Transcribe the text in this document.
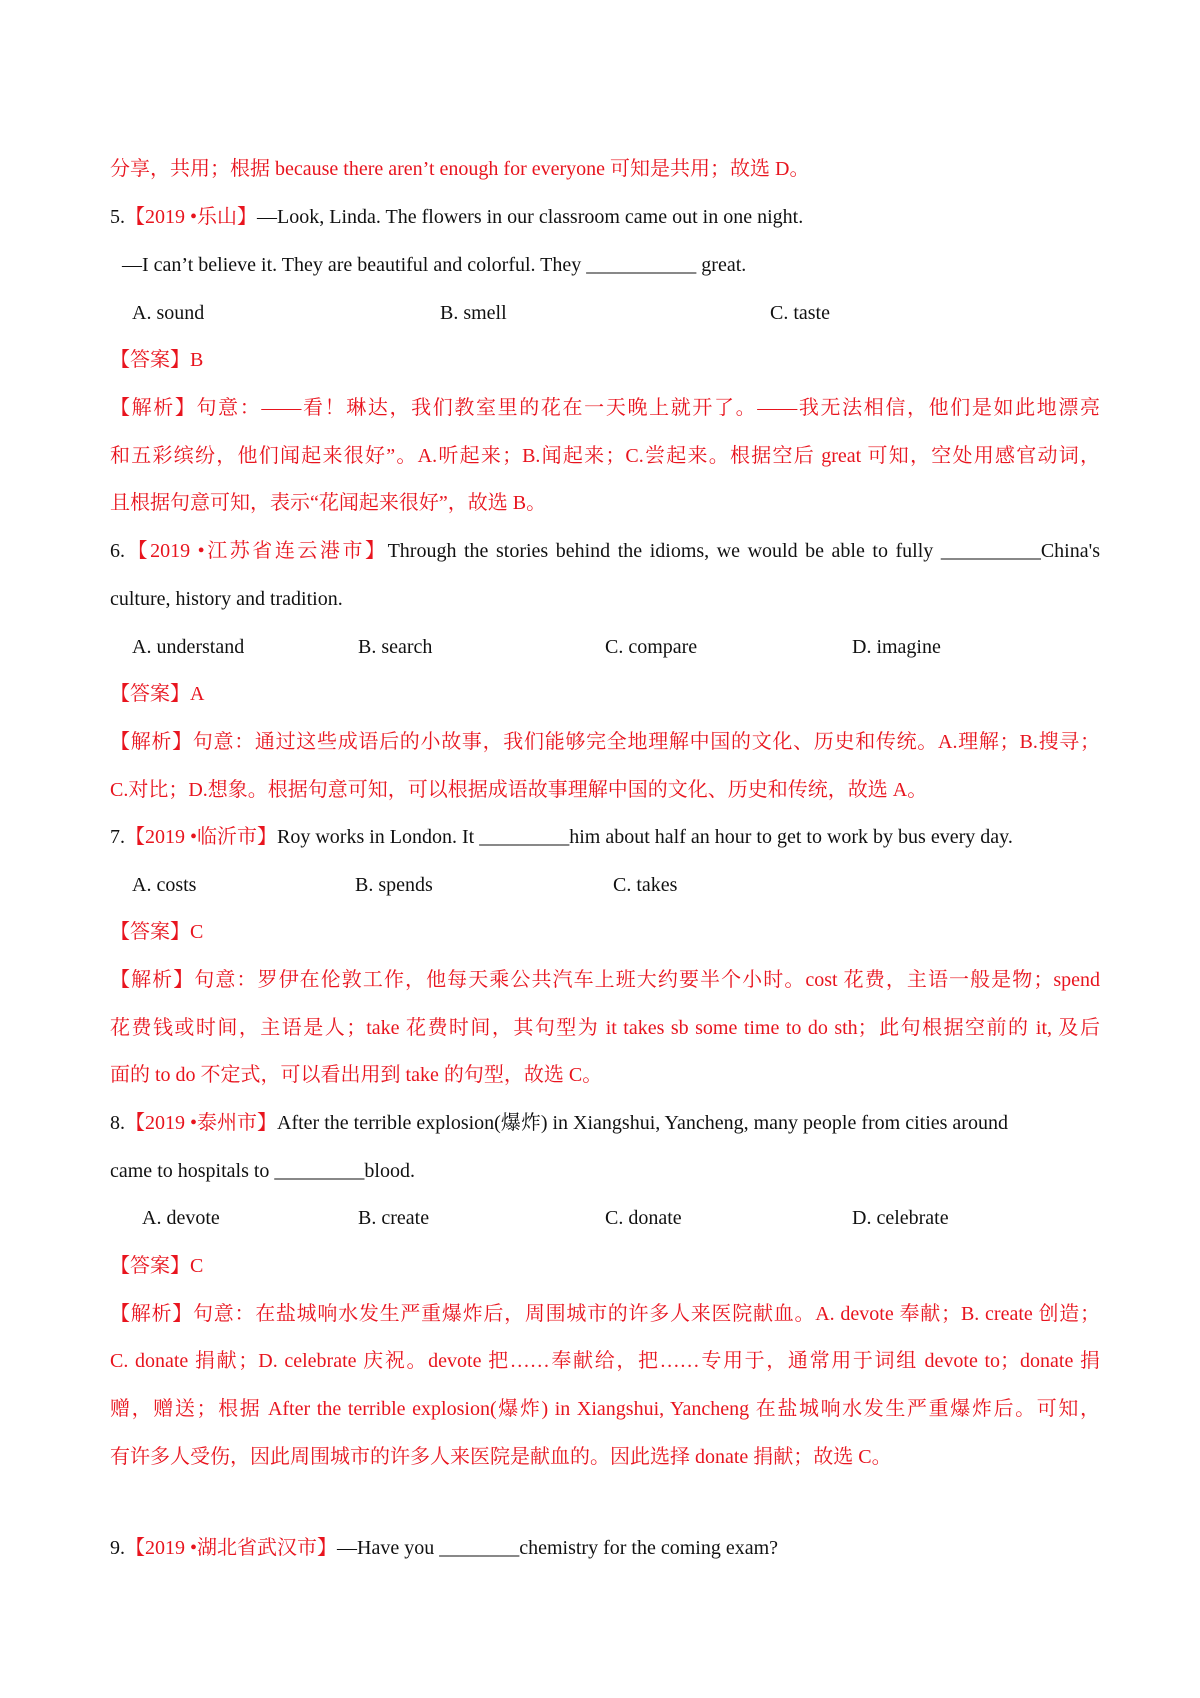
分享，共用；根据 because there aren’t enough for everyone 可知是共用；故选 D。
5.【2019 •乐山】—Look, Linda. The flowers in our classroom came out in one night.
—I can’t believe it. They are beautiful and colorful. They ___________ great.
A. sound	B. smell	C. taste
【答案】B
【解析】句意：——看！琳达，我们教室里的花在一天晚上就开了。——我无法相信，他们是如此地漂亮
和五彩缤纷，他们闻起来很好”。A.听起来；B.闻起来；C.尝起来。根据空后 great 可知，空处用感官动词，
且根据句意可知，表示“花闻起来很好”，故选 B。
6.【2019 •江苏省连云港市】Through the stories behind the idioms, we would be able to fully __________China's
culture, history and tradition.
A. understand	B. search	C. compare	D. imagine
【答案】A
【解析】句意：通过这些成语后的小故事，我们能够完全地理解中国的文化、历史和传统。A.理解；B.搜寻；
C.对比；D.想象。根据句意可知，可以根据成语故事理解中国的文化、历史和传统，故选 A。
7.【2019 •临沂市】Roy works in London. It _________him about half an hour to get to work by bus every day.
A. costs	B. spends	C. takes
【答案】C
【解析】句意：罗伊在伦敦工作，他每天乘公共汽车上班大约要半个小时。cost 花费，主语一般是物；spend
花费钱或时间，主语是人；take 花费时间，其句型为 it takes sb some time to do sth；此句根据空前的 it, 及后
面的 to do 不定式，可以看出用到 take 的句型，故选 C。
8.【2019 •泰州市】After the terrible explosion(爆炸) in Xiangshui, Yancheng, many people from cities around
came to hospitals to _________blood.
A. devote	B. create	C. donate	D. celebrate
【答案】C
【解析】句意：在盐城响水发生严重爆炸后，周围城市的许多人来医院献血。A. devote 奉献；B. create 创造；
C. donate 捐献；D. celebrate 庆祝。devote 把……奉献给，把……专用于，通常用于词组 devote to；donate 捐
赠，赠送；根据 After the terrible explosion(爆炸) in Xiangshui, Yancheng 在盐城响水发生严重爆炸后。可知，
有许多人受伤，因此周围城市的许多人来医院是献血的。因此选择 donate 捐献；故选 C。
9.【2019 •湖北省武汉市】—Have you ________chemistry for the coming exam?
